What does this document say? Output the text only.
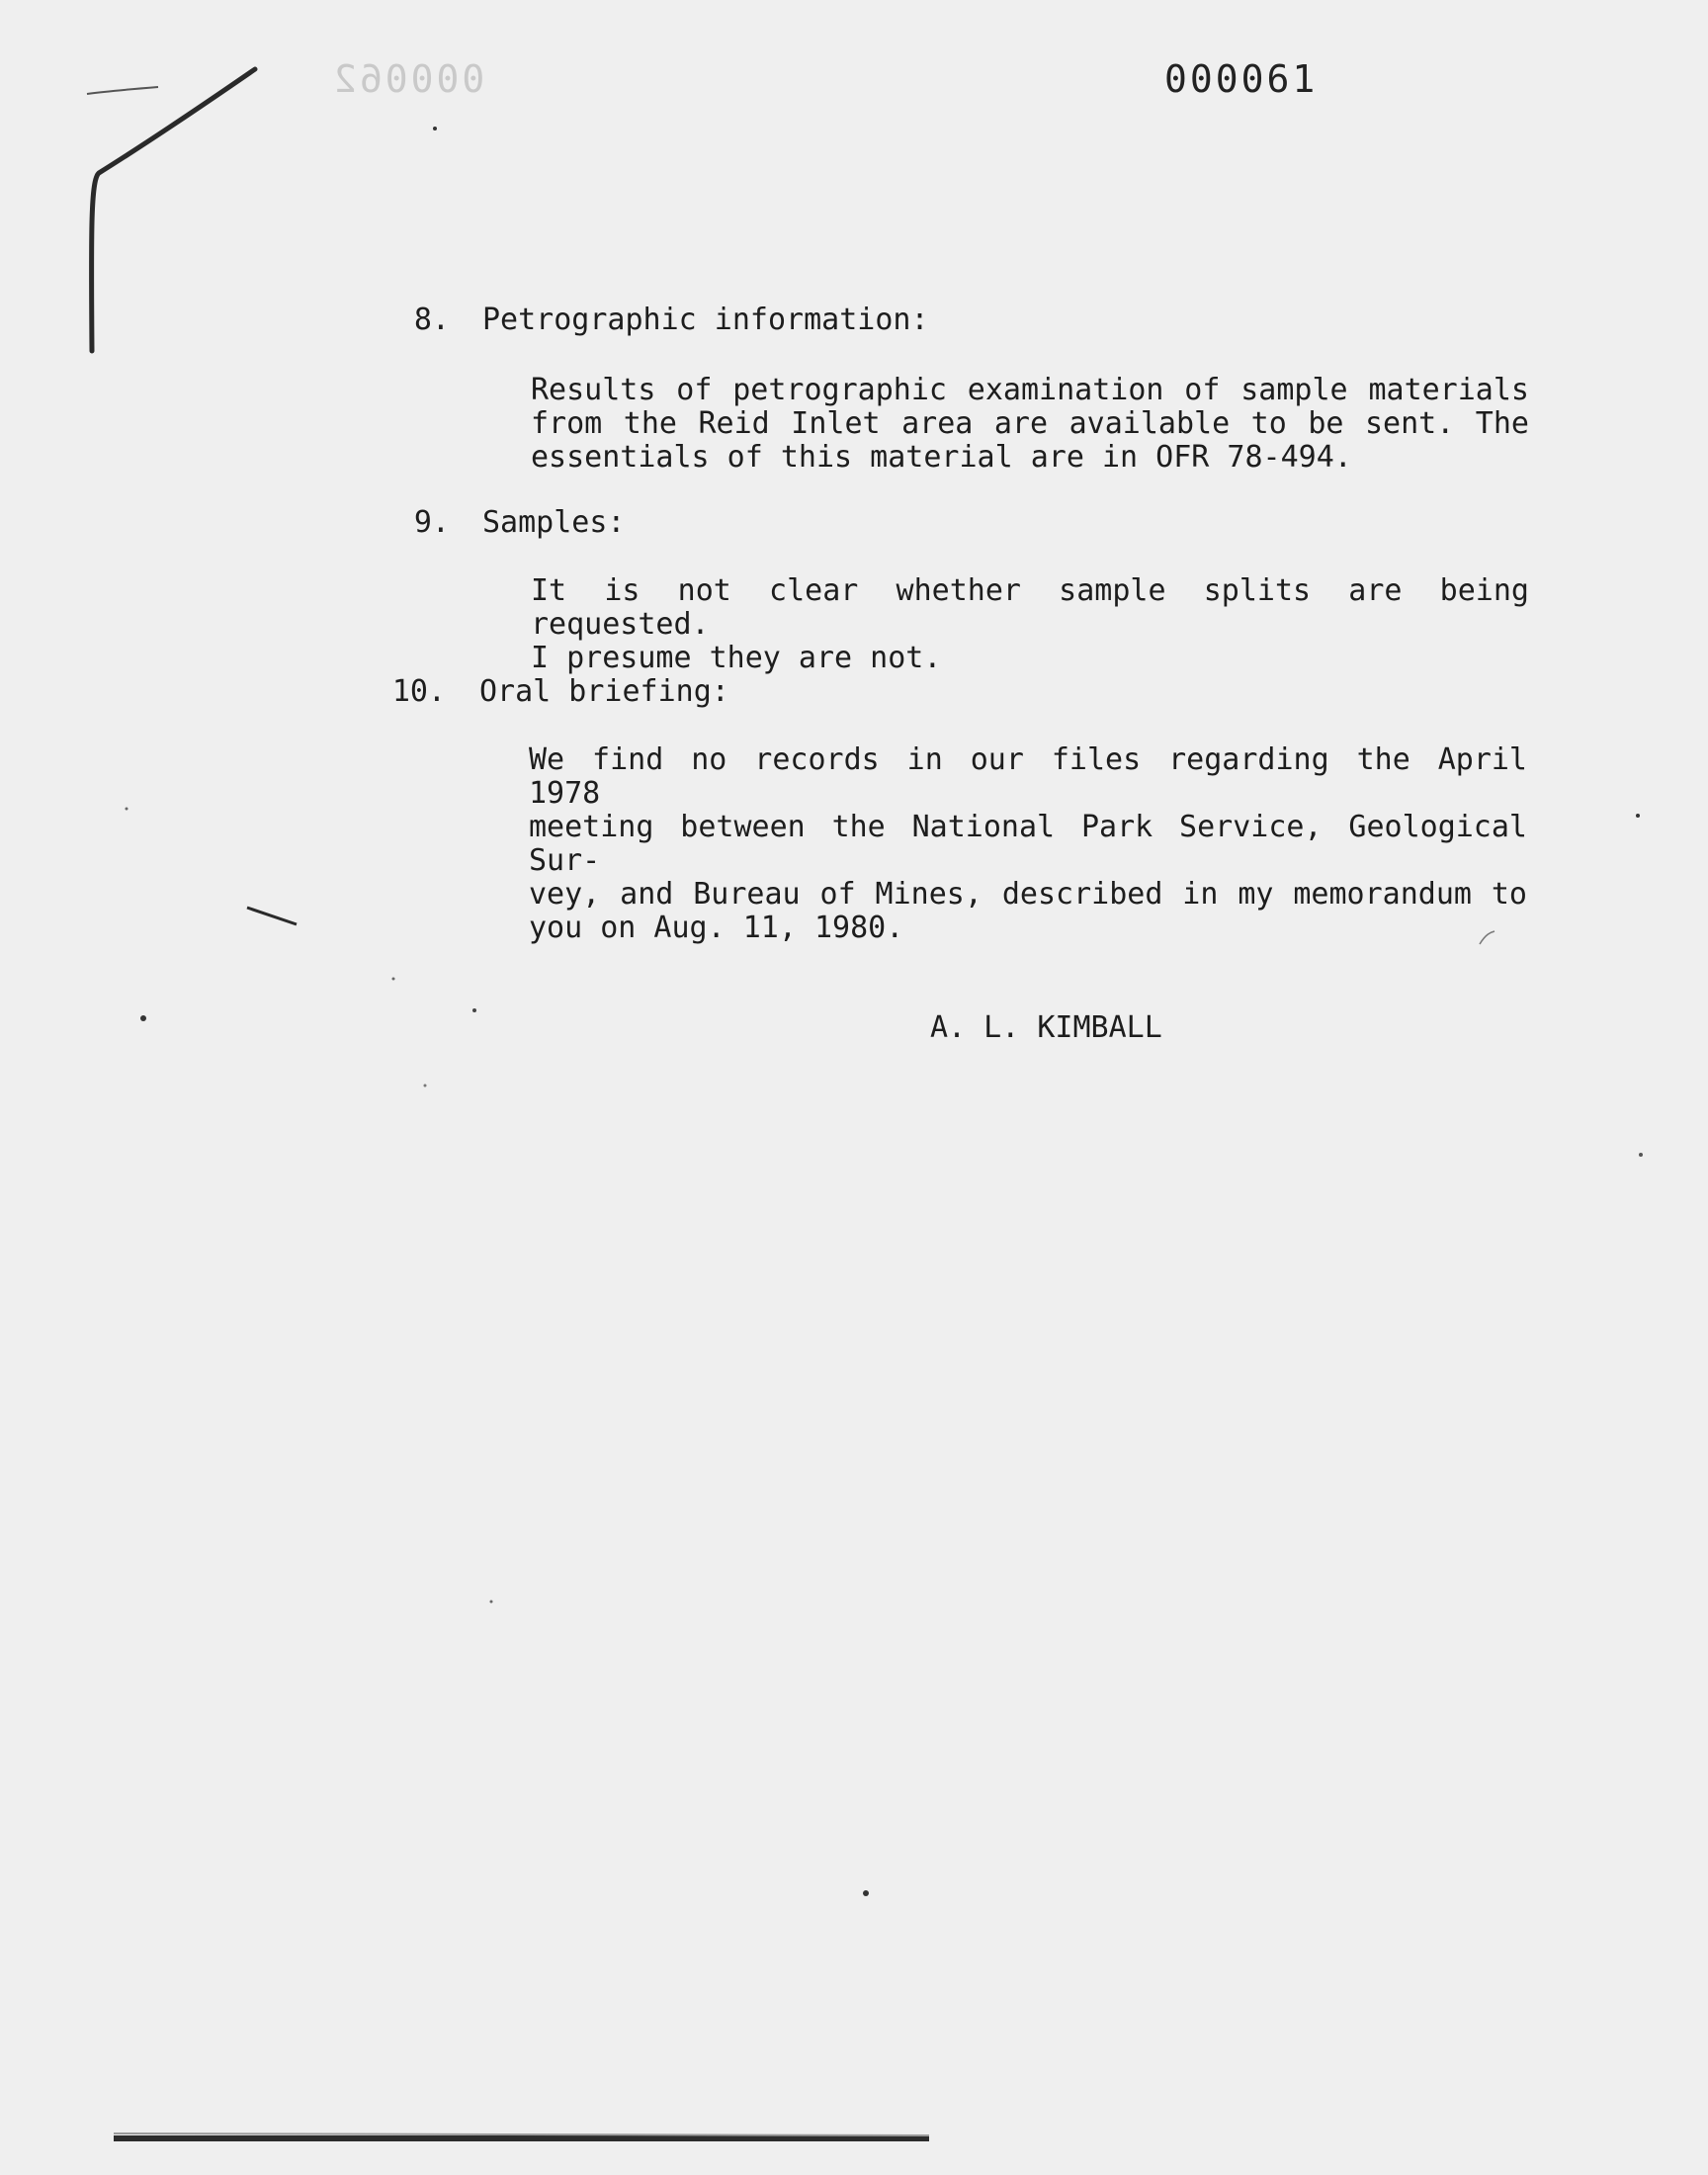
000062	000061
8. Petrographic information:
Results of petrographic examination of sample materials
from the Reid Inlet area are available to be sent. The
essentials of this material are in OFR 78-494.
9. Samples:
It is not clear whether sample splits are being requested.
I presume they are not.
10. Oral briefing:
We find no records in our files regarding the April 1978
meeting between the National Park Service, Geological Sur-
vey, and Bureau of Mines, described in my memorandum to
you on Aug. 11, 1980.
A. L. KIMBALL
